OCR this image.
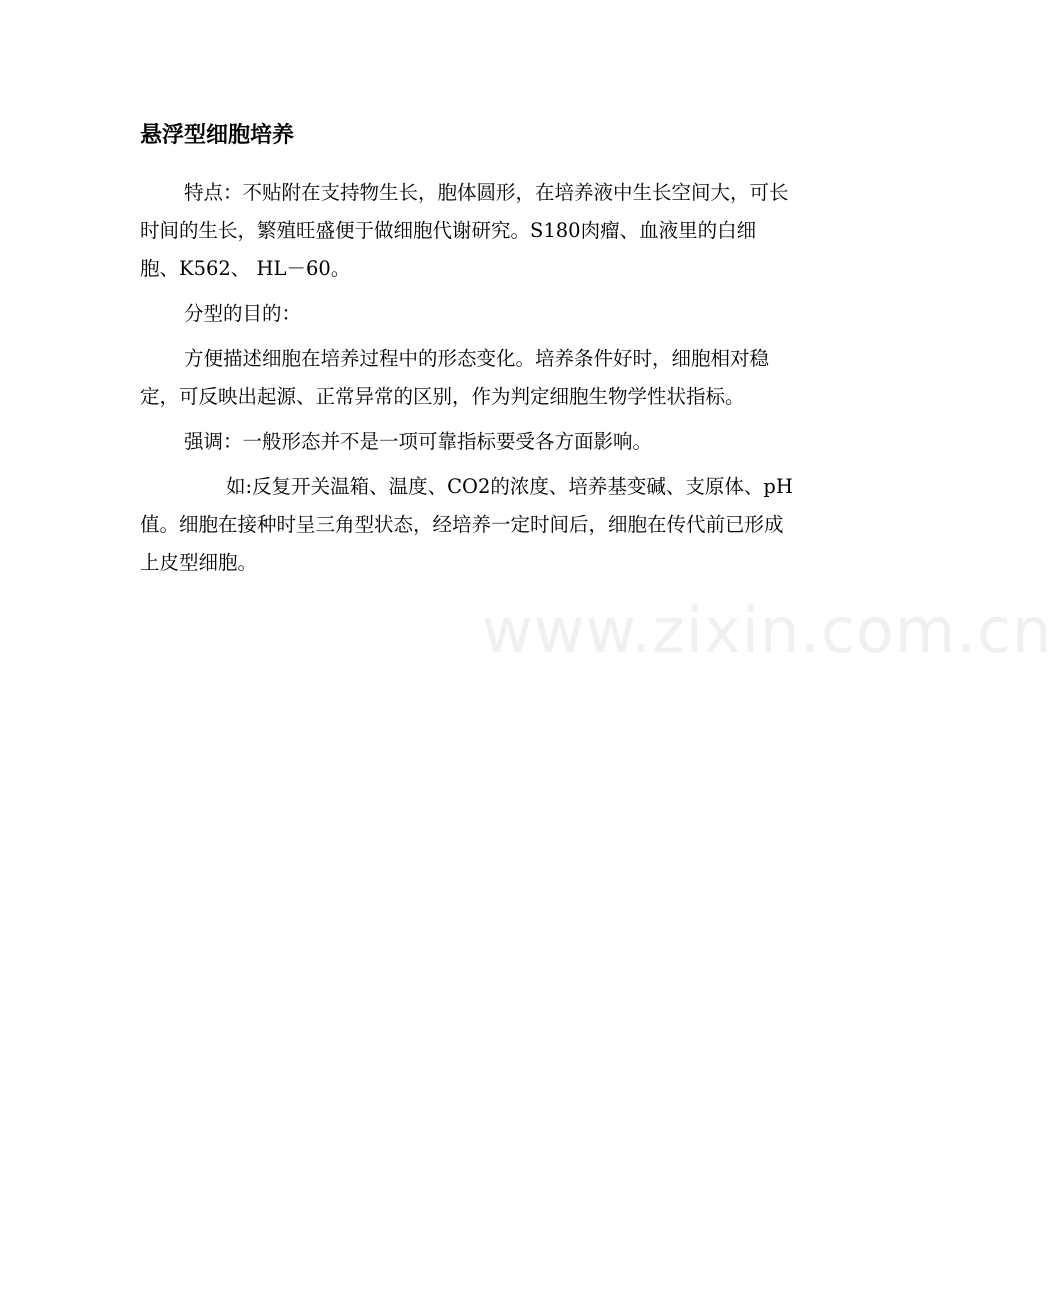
悬浮型细胞培养

特点：不贴附在支持物生长，胞体圆形，在培养液中生长空间大，可长时间的生长，繁殖旺盛便于做细胞代谢研究。S180肉瘤、血液里的白细胞、K562、 HL－60。

分型的目的：

方便描述细胞在培养过程中的形态变化。培养条件好时，细胞相对稳定，可反映出起源、正常异常的区别，作为判定细胞生物学性状指标。

强调：一般形态并不是一项可靠指标要受各方面影响。

如:反复开关温箱、温度、CO2的浓度、培养基变碱、支原体、pH值。细胞在接种时呈三角型状态，经培养一定时间后，细胞在传代前已形成上皮型细胞。

www.zixin.com.cn
